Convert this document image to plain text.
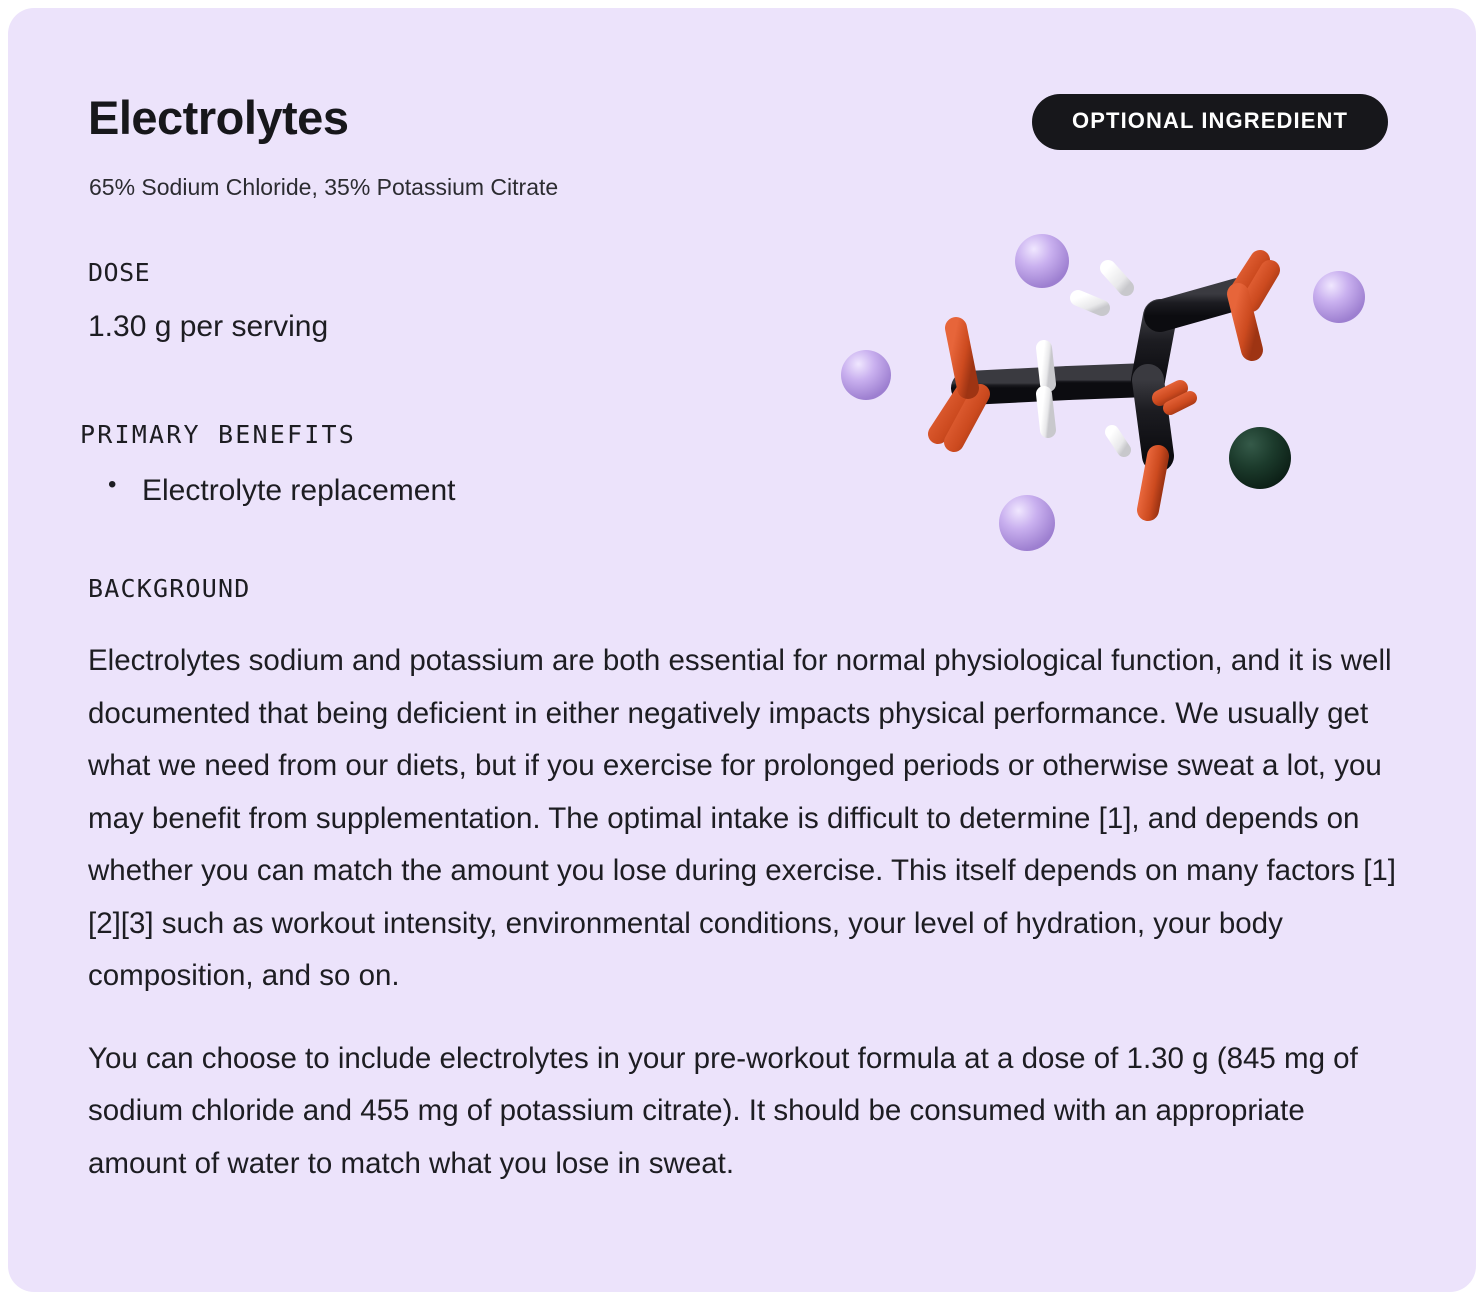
Electrolytes
65% Sodium Chloride, 35% Potassium Citrate
OPTIONAL INGREDIENT
DOSE
1.30 g per serving
PRIMARY BENEFITS
• Electrolyte replacement
BACKGROUND

Electrolytes sodium and potassium are both essential for normal physiological function, and it is well documented that being deficient in either negatively impacts physical performance. We usually get what we need from our diets, but if you exercise for prolonged periods or otherwise sweat a lot, you may benefit from supplementation. The optimal intake is difficult to determine [1], and depends on whether you can match the amount you lose during exercise. This itself depends on many factors [1][2][3] such as workout intensity, environmental conditions, your level of hydration, your body composition, and so on.

You can choose to include electrolytes in your pre-workout formula at a dose of 1.30 g (845 mg of sodium chloride and 455 mg of potassium citrate). It should be consumed with an appropriate amount of water to match what you lose in sweat.
